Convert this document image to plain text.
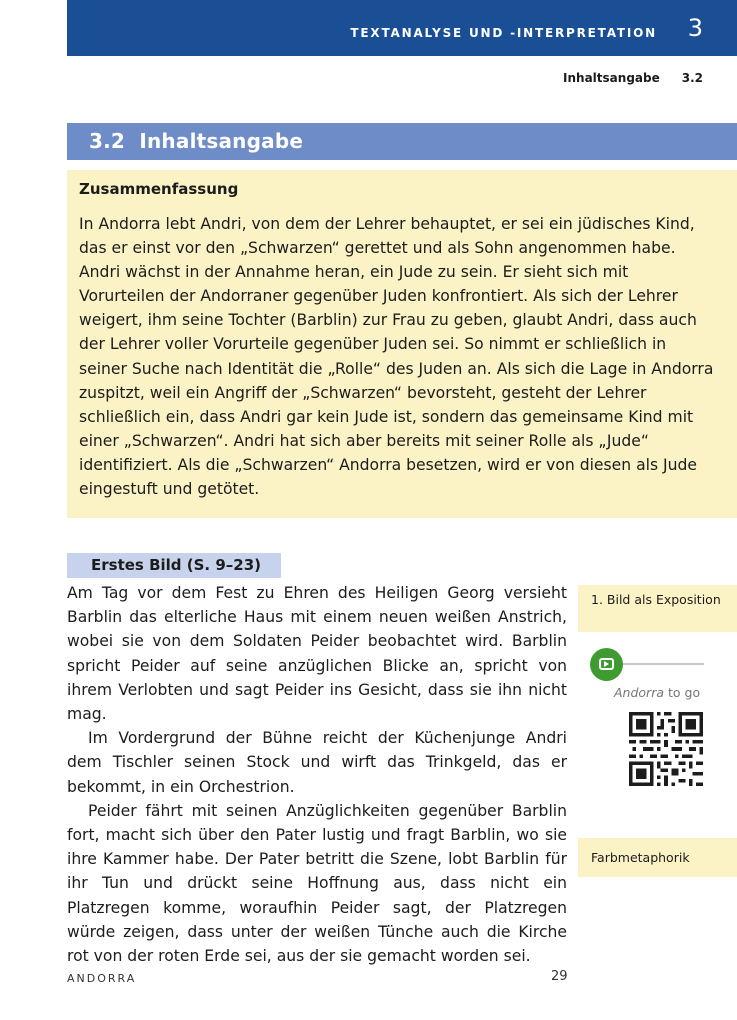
TEXTANALYSE UND -INTERPRETATION 3
Inhaltsangabe 3.2
3.2  Inhaltsangabe
Zusammenfassung

In Andorra lebt Andri, von dem der Lehrer behauptet, er sei ein jüdisches Kind, das er einst vor den „Schwarzen“ gerettet und als Sohn angenommen habe. Andri wächst in der Annahme heran, ein Jude zu sein. Er sieht sich mit Vorurteilen der Andorraner gegenüber Juden konfrontiert. Als sich der Lehrer weigert, ihm seine Tochter (Barblin) zur Frau zu geben, glaubt Andri, dass auch der Lehrer voller Vorurteile gegenüber Juden sei. So nimmt er schließlich in seiner Suche nach Identität die „Rolle“ des Juden an. Als sich die Lage in Andorra zuspitzt, weil ein Angriff der „Schwarzen“ bevorsteht, gesteht der Lehrer schließlich ein, dass Andri gar kein Jude ist, sondern das gemeinsame Kind mit einer „Schwarzen“. Andri hat sich aber bereits mit seiner Rolle als „Jude“ identifiziert. Als die „Schwarzen“ Andorra besetzen, wird er von diesen als Jude eingestuft und getötet.

Erstes Bild (S. 9–23)

Am Tag vor dem Fest zu Ehren des Heiligen Georg versieht Barblin das elterliche Haus mit einem neuen weißen Anstrich, wobei sie von dem Soldaten Peider beobachtet wird. Barblin spricht Peider auf seine anzüglichen Blicke an, spricht von ihrem Verlobten und sagt Peider ins Gesicht, dass sie ihn nicht mag.

Im Vordergrund der Bühne reicht der Küchenjunge Andri dem Tischler seinen Stock und wirft das Trinkgeld, das er bekommt, in ein Orchestrion.

Peider fährt mit seinen Anzüglichkeiten gegenüber Barblin fort, macht sich über den Pater lustig und fragt Barblin, wo sie ihre Kammer habe. Der Pater betritt die Szene, lobt Barblin für ihr Tun und drückt seine Hoffnung aus, dass nicht ein Platzregen komme, woraufhin Peider sagt, der Platzregen würde zeigen, dass unter der weißen Tünche auch die Kirche rot von der roten Erde sei, aus der sie gemacht worden sei.

1. Bild als Exposition
Andorra to go
Farbmetaphorik
ANDORRA	29
